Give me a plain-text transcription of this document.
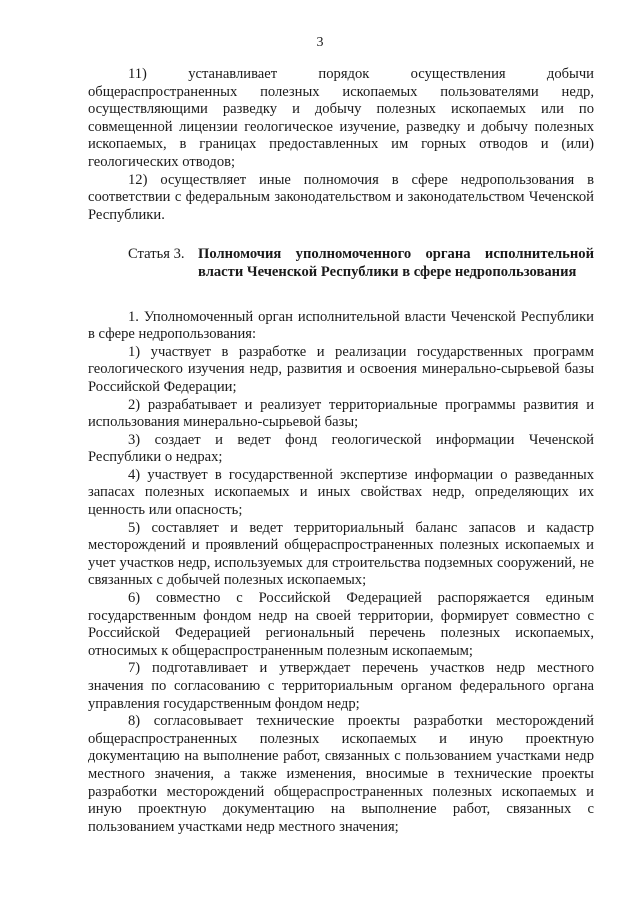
3

11) устанавливает порядок осуществления добычи общераспространенных полезных ископаемых пользователями недр, осуществляющими разведку и добычу полезных ископаемых или по совмещенной лицензии геологическое изучение, разведку и добычу полезных ископаемых, в границах предоставленных им горных отводов и (или) геологических отводов;

12) осуществляет иные полномочия в сфере недропользования в соответствии с федеральным законодательством и законодательством Чеченской Республики.

Статья 3. Полномочия уполномоченного органа исполнительной власти Чеченской Республики в сфере недропользования

1. Уполномоченный орган исполнительной власти Чеченской Республики в сфере недропользования:

1) участвует в разработке и реализации государственных программ геологического изучения недр, развития и освоения минерально-сырьевой базы Российской Федерации;

2) разрабатывает и реализует территориальные программы развития и использования минерально-сырьевой базы;

3) создает и ведет фонд геологической информации Чеченской Республики о недрах;

4) участвует в государственной экспертизе информации о разведанных запасах полезных ископаемых и иных свойствах недр, определяющих их ценность или опасность;

5) составляет и ведет территориальный баланс запасов и кадастр месторождений и проявлений общераспространенных полезных ископаемых и учет участков недр, используемых для строительства подземных сооружений, не связанных с добычей полезных ископаемых;

6) совместно с Российской Федерацией распоряжается единым государственным фондом недр на своей территории, формирует совместно с Российской Федерацией региональный перечень полезных ископаемых, относимых к общераспространенным полезным ископаемым;

7) подготавливает и утверждает перечень участков недр местного значения по согласованию с территориальным органом федерального органа управления государственным фондом недр;

8) согласовывает технические проекты разработки месторождений общераспространенных полезных ископаемых и иную проектную документацию на выполнение работ, связанных с пользованием участками недр местного значения, а также изменения, вносимые в технические проекты разработки месторождений общераспространенных полезных ископаемых и иную проектную документацию на выполнение работ, связанных с пользованием участками недр местного значения;
